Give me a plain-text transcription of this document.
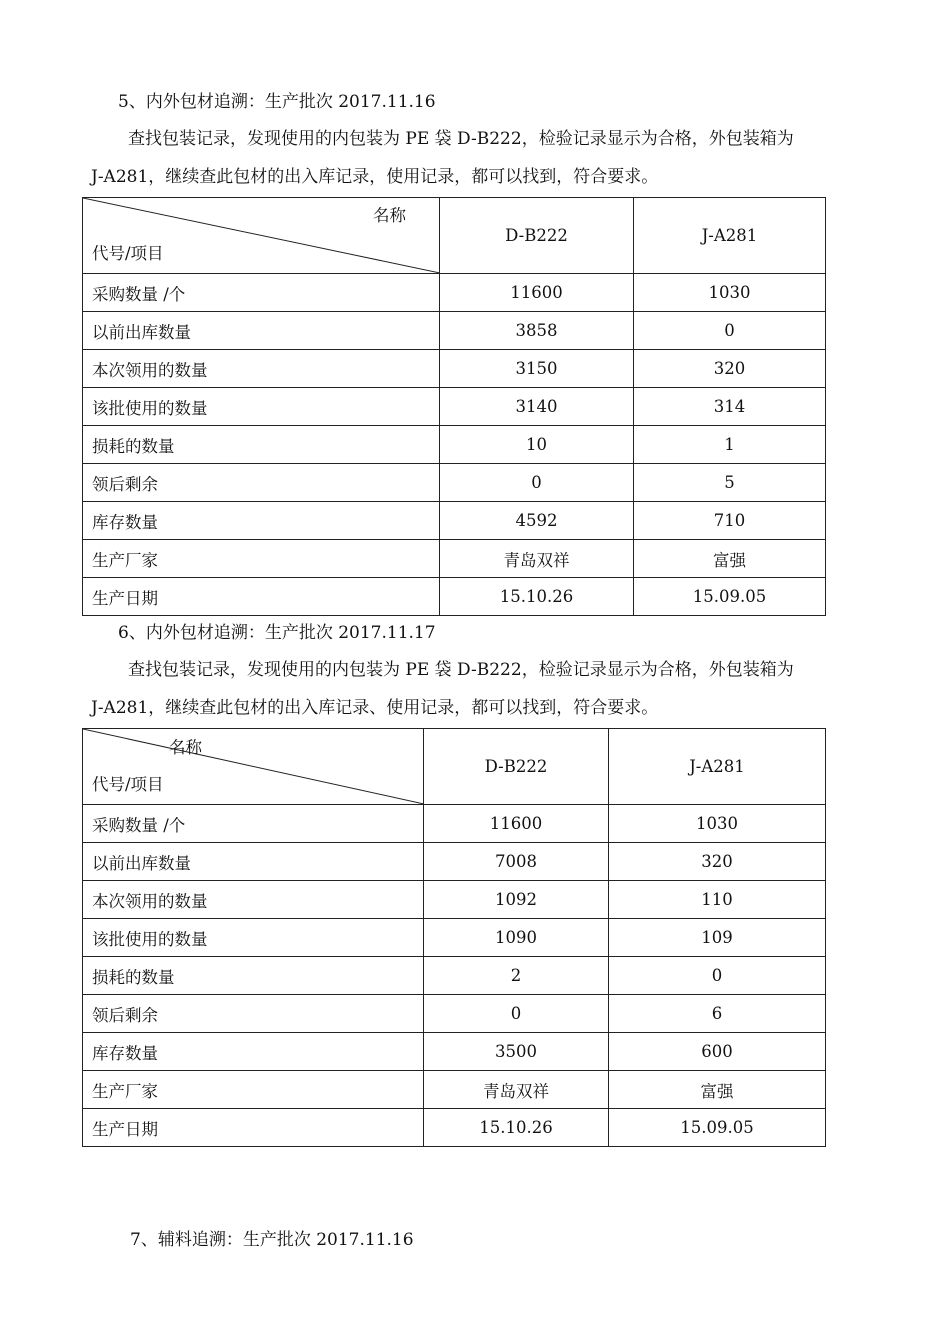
5、内外包材追溯：生产批次 2017.11.16
查找包装记录，发现使用的内包装为 PE 袋 D-B222，检验记录显示为合格，外包装箱为
J-A281，继续查此包材的出入库记录，使用记录，都可以找到，符合要求。
名称
代号/项目	D-B222	J-A281
采购数量 /个	11600	1030
以前出库数量	3858	0
本次领用的数量	3150	320
该批使用的数量	3140	314
损耗的数量	10	1
领后剩余	0	5
库存数量	4592	710
生产厂家	青岛双祥	富强
生产日期	15.10.26	15.09.05
6、内外包材追溯：生产批次 2017.11.17
查找包装记录，发现使用的内包装为 PE 袋 D-B222，检验记录显示为合格，外包装箱为
J-A281，继续查此包材的出入库记录、使用记录，都可以找到，符合要求。
名称
代号/项目	D-B222	J-A281
采购数量 /个	11600	1030
以前出库数量	7008	320
本次领用的数量	1092	110
该批使用的数量	1090	109
损耗的数量	2	0
领后剩余	0	6
库存数量	3500	600
生产厂家	青岛双祥	富强
生产日期	15.10.26	15.09.05
7、辅料追溯：生产批次 2017.11.16
